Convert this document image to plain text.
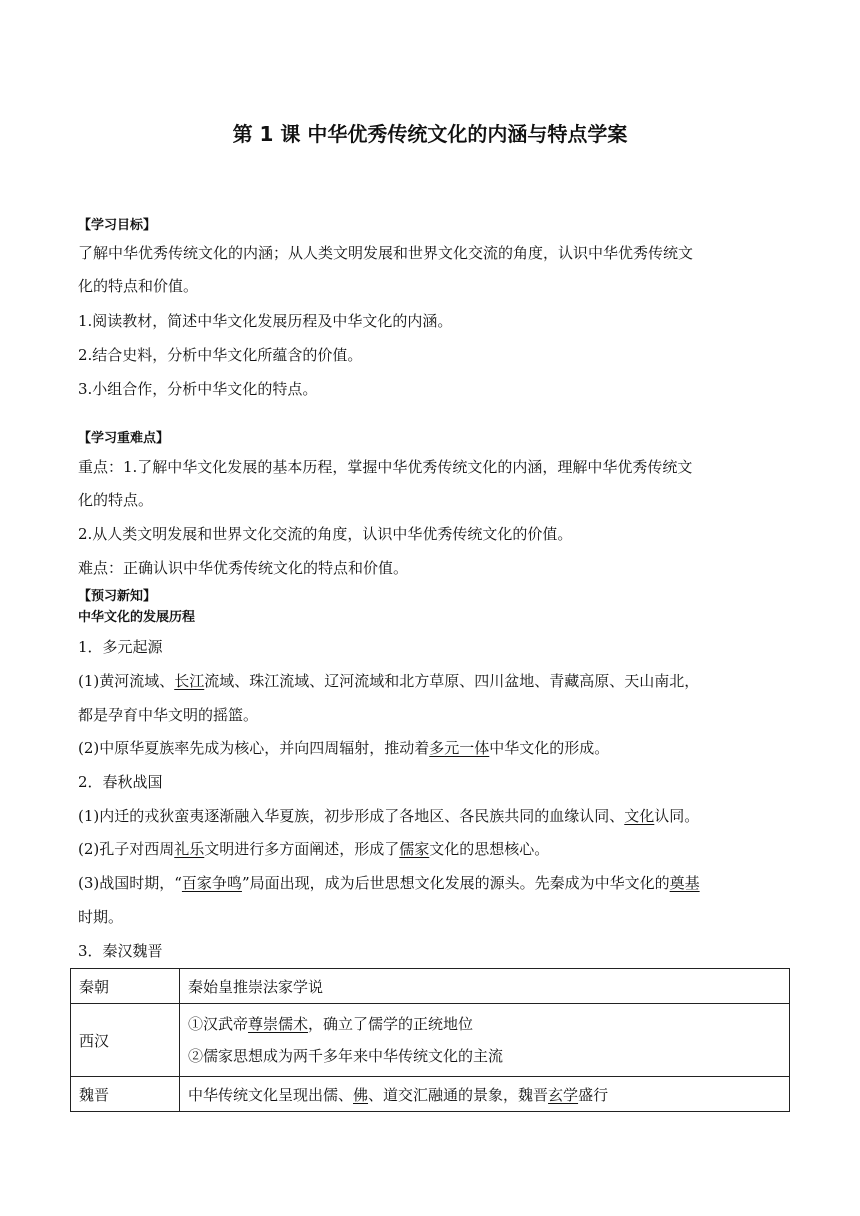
第 1 课 中华优秀传统文化的内涵与特点学案
【学习目标】
了解中华优秀传统文化的内涵；从人类文明发展和世界文化交流的角度，认识中华优秀传统文
化的特点和价值。
1.阅读教材，简述中华文化发展历程及中华文化的内涵。
2.结合史料，分析中华文化所蕴含的价值。
3.小组合作，分析中华文化的特点。
【学习重难点】
重点：1.了解中华文化发展的基本历程，掌握中华优秀传统文化的内涵，理解中华优秀传统文
化的特点。
2.从人类文明发展和世界文化交流的角度，认识中华优秀传统文化的价值。
难点：正确认识中华优秀传统文化的特点和价值。
【预习新知】
中华文化的发展历程
1．多元起源
(1)黄河流域、长江流域、珠江流域、辽河流域和北方草原、四川盆地、青藏高原、天山南北，
都是孕育中华文明的摇篮。
(2)中原华夏族率先成为核心，并向四周辐射，推动着多元一体中华文化的形成。
2．春秋战国
(1)内迁的戎狄蛮夷逐渐融入华夏族，初步形成了各地区、各民族共同的血缘认同、文化认同。
(2)孔子对西周礼乐文明进行多方面阐述，形成了儒家文化的思想核心。
(3)战国时期，“百家争鸣”局面出现，成为后世思想文化发展的源头。先秦成为中华文化的奠基
时期。
3．秦汉魏晋
秦朝	秦始皇推崇法家学说
西汉	①汉武帝尊崇儒术，确立了儒学的正统地位
②儒家思想成为两千多年来中华传统文化的主流

魏晋	中华传统文化呈现出儒、佛、道交汇融通的景象，魏晋玄学盛行
